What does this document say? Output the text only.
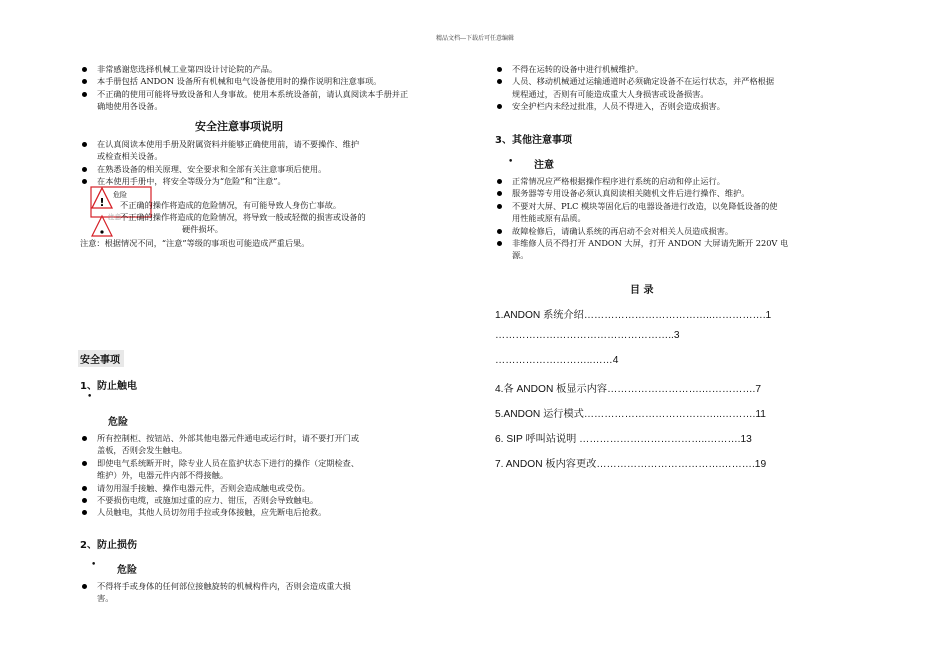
精品文档---下载后可任意编辑
非常感谢您选择机械工业第四设计讨论院的产品。
本手册包括 ANDON 设备所有机械和电气设备使用时的操作说明和注意事项。
不正确的使用可能将导致设备和人身事故。使用本系统设备前，请认真阅读本手册并正
确地使用各设备。
安全注意事项说明
在认真阅读本使用手册及附属资料并能够正确使用前，请不要操作、维护
或检查相关设备。
在熟悉设备的相关原理、安全要求和全部有关注意事项后使用。
在本使用手册中，将安全等级分为“危险”和“注意”。
!
危险
不正确的操作将造成的危险情况，有可能导致人身伤亡事故。
注意 不正确的操作将造成的危险情况，将导致一般或轻微的损害或设备的
硬件损坏。
注意：根据情况不同，“注意”等级的事项也可能造成严重后果。
安全事项
1、防止触电
•
危险
所有控制柜、按钮站、外部其他电器元件通电或运行时，请不要打开门或
盖板，否则会发生触电。
即使电气系统断开时，除专业人员在监护状态下进行的操作（定期检查、
维护）外，电器元件内部不得接触。
请勿用湿手接触、操作电器元件，否则会造成触电或受伤。
不要损伤电缆，或施加过重的应力、钳压，否则会导致触电。
人员触电，其他人员切勿用手拉或身体接触，应先断电后抢救。
2、防止损伤
• 危险
不得将手或身体的任何部位接触旋转的机械构件内，否则会造成重大损
害。
不得在运转的设备中进行机械维护。
人员、移动机械通过运输通道时必须确定设备不在运行状态，并严格根据
规程通过，否则有可能造成重大人身损害或设备损害。
安全护栏内未经过批准，人员不得进入，否则会造成损害。
3、其他注意事项
• 注意
正常情况应严格根据操作程序进行系统的启动和停止运行。
服务器等专用设备必须认真阅读相关随机文件后进行操作、维护。
不要对大屏、PLC 模块等固化后的电器设备进行改造，以免降低设备的使
用性能或原有品质。
故障检修后，请确认系统的再启动不会对相关人员造成损害。
非维修人员不得打开 ANDON 大屏，打开 ANDON 大屏请先断开 220V 电
源。
目 录
1.ANDON 系统介绍………………………………..…………….1
……………………………………………..3
………………………..……4
4.各 ANDON 板显示内容……………………….…………….7
5.ANDON 运行模式…………………………………..……….11
6. SIP 呼叫站说明 ………………………………..……….13
7. ANDON 板内容更改……………………………….……….19
